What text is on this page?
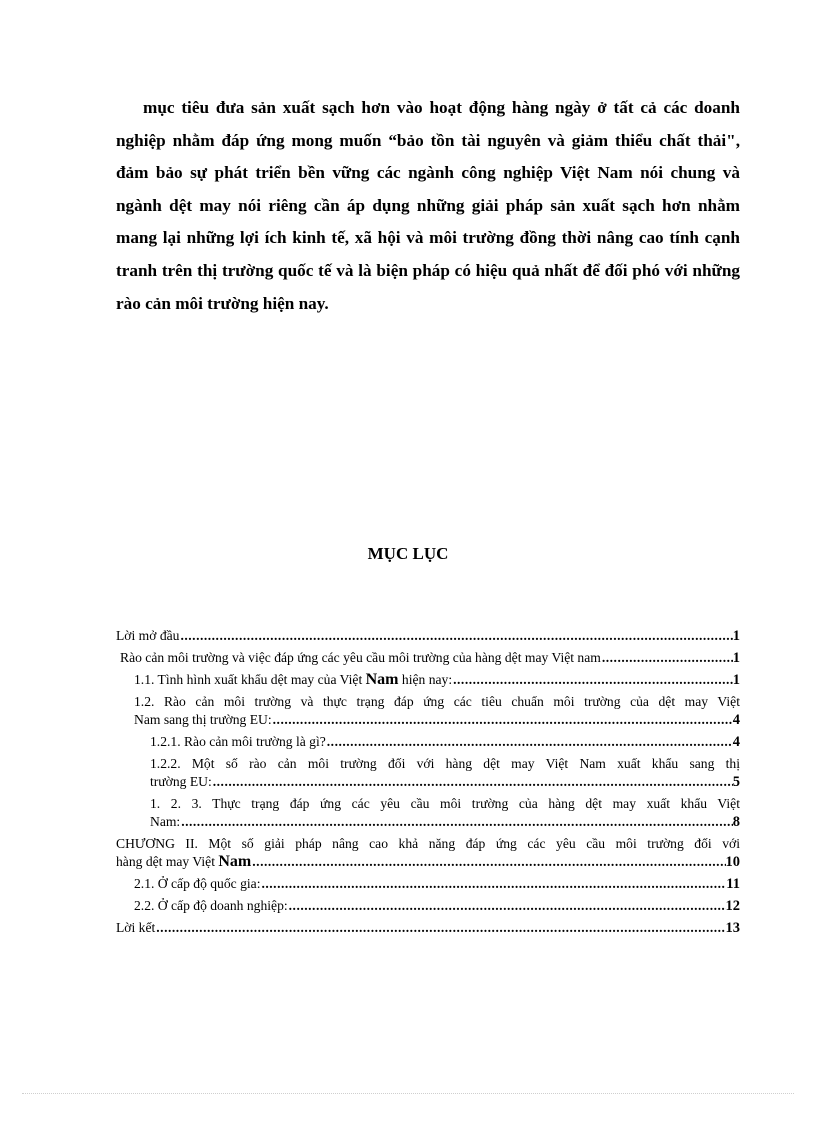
mục tiêu đưa sản xuất sạch hơn vào hoạt động hàng ngày ở tất cả các doanh nghiệp nhằm đáp ứng mong muốn “bảo tồn tài nguyên và giảm thiểu chất thải", đảm bảo sự phát triển bền vững các ngành công nghiệp Việt Nam nói chung và ngành dệt may nói riêng cần áp dụng những giải pháp sản xuất sạch hơn nhằm mang lại những lợi ích kinh tế, xã hội và môi trường đồng thời nâng cao tính cạnh tranh trên thị trường quốc tế và là biện pháp có hiệu quả nhất để đối phó với những rào cản môi trường hiện nay.

MỤC LỤC
Lời mở đầu .....	1
Rào cản môi trường và việc đáp ứng các yêu cầu môi trường của hàng dệt may Việt nam .....	1
1.1. Tình hình xuất khẩu dệt may của Việt Nam hiện nay: .....	1
1.2. Rào cản môi trường và thực trạng đáp ứng các tiêu chuẩn môi trường của dệt may Việt
Nam sang thị trường EU: .....	4
1.2.1. Rào cản môi trường là gì? .....	4
1.2.2. Một số rào cản môi trường đối với hàng dệt may Việt Nam xuất khẩu sang thị
trường EU: .....	5
1. 2. 3. Thực trạng đáp ứng các yêu cầu môi trường của hàng dệt may xuất khẩu Việt
Nam: .....	8
CHƯƠNG II. Một số giải pháp nâng cao khả năng đáp ứng các yêu cầu môi trường đối với
hàng dệt may Việt Nam .....	10
2.1. Ở cấp độ quốc gia: .....	11
2.2. Ở cấp độ doanh nghiệp: .....	12
Lời kết .....	13
